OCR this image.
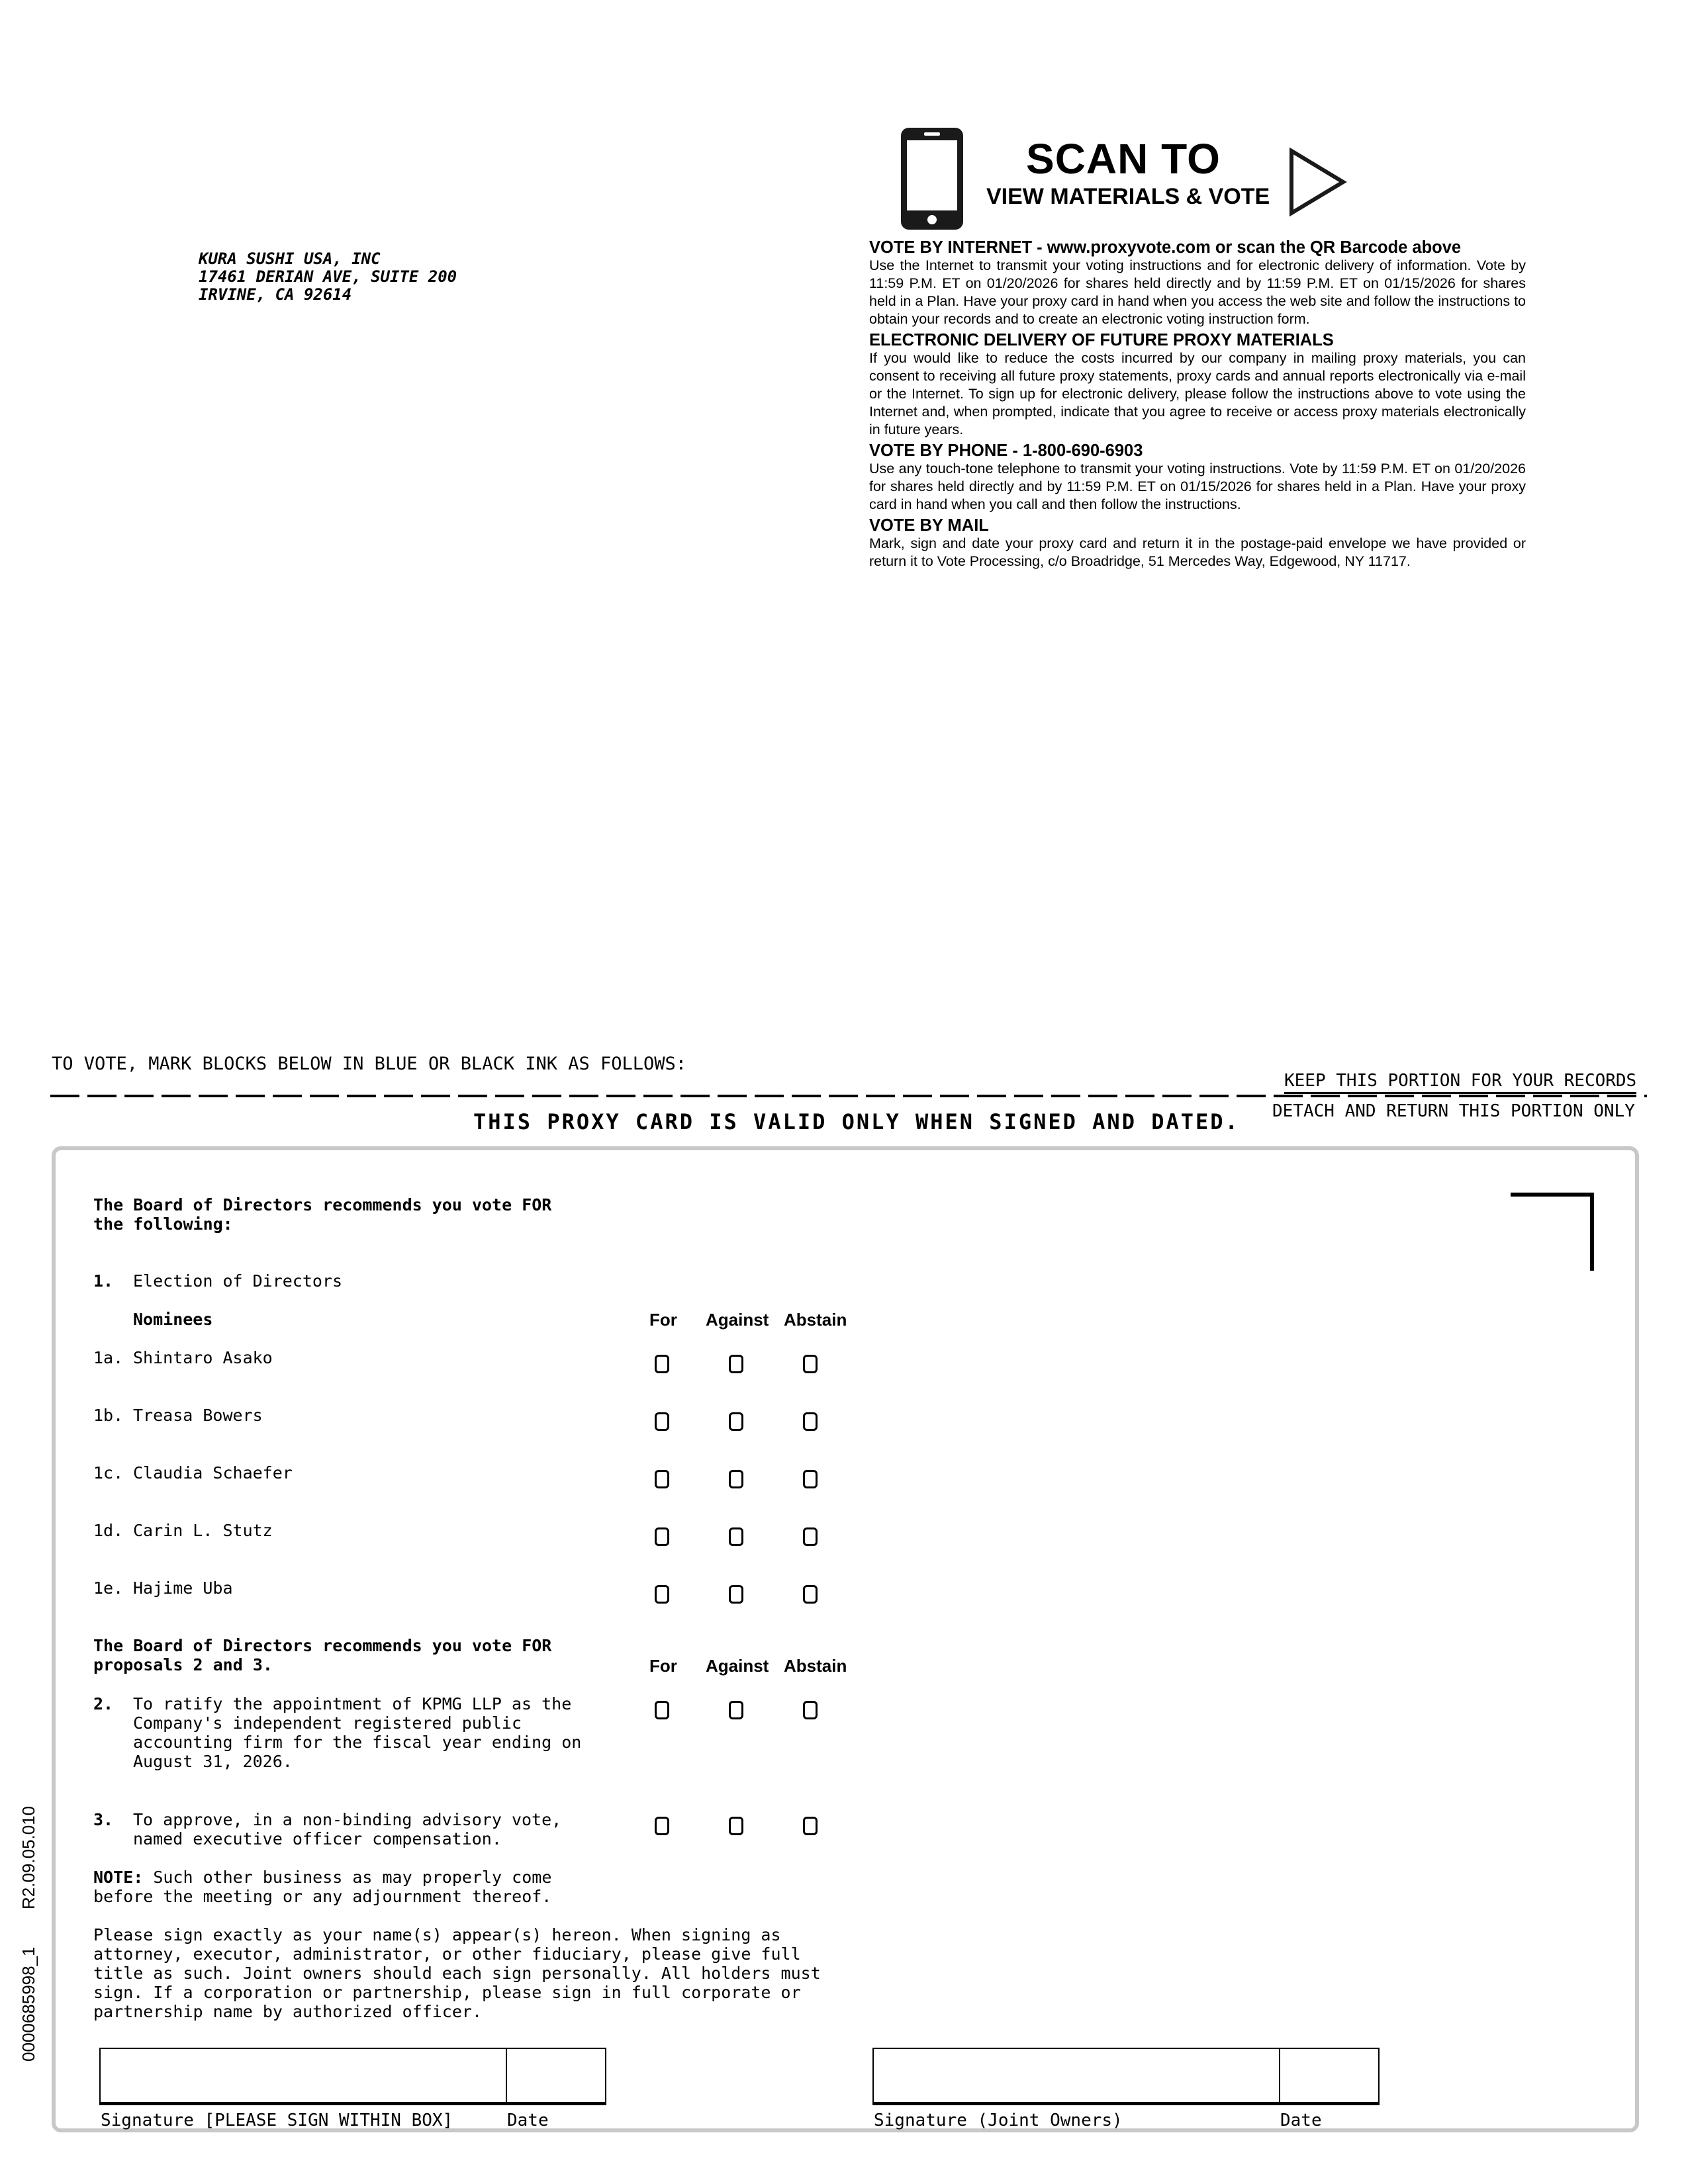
KURA SUSHI USA, INC
17461 DERIAN AVE, SUITE 200
IRVINE, CA 92614
SCAN TO
VIEW MATERIALS & VOTE

VOTE BY INTERNET - www.proxyvote.com or scan the QR Barcode above

Use the Internet to transmit your voting instructions and for electronic delivery of information. Vote by 11:59 P.M. ET on 01/20/2026 for shares held directly and by 11:59 P.M. ET on 01/15/2026 for shares held in a Plan. Have your proxy card in hand when you access the web site and follow the instructions to obtain your records and to create an electronic voting instruction form.

ELECTRONIC DELIVERY OF FUTURE PROXY MATERIALS

If you would like to reduce the costs incurred by our company in mailing proxy materials, you can consent to receiving all future proxy statements, proxy cards and annual reports electronically via e-mail or the Internet. To sign up for electronic delivery, please follow the instructions above to vote using the Internet and, when prompted, indicate that you agree to receive or access proxy materials electronically in future years.

VOTE BY PHONE - 1-800-690-6903

Use any touch-tone telephone to transmit your voting instructions. Vote by 11:59 P.M. ET on 01/20/2026 for shares held directly and by 11:59 P.M. ET on 01/15/2026 for shares held in a Plan. Have your proxy card in hand when you call and then follow the instructions.

VOTE BY MAIL

Mark, sign and date your proxy card and return it in the postage-paid envelope we have provided or return it to Vote Processing, c/o Broadridge, 51 Mercedes Way, Edgewood, NY 11717.

TO VOTE, MARK BLOCKS BELOW IN BLUE OR BLACK INK AS FOLLOWS:
KEEP THIS PORTION FOR YOUR RECORDS
THIS PROXY CARD IS VALID ONLY WHEN SIGNED AND DATED. DETACH AND RETURN THIS PORTION ONLY
The Board of Directors recommends you vote FOR
the following:
1. Election of Directors
Nominees	For Against Abstain
1a. Shintaro Asako
1b. Treasa Bowers
1c. Claudia Schaefer
1d. Carin L. Stutz
1e. Hajime Uba
The Board of Directors recommends you vote FOR
proposals 2 and 3.	For Against Abstain
2. To ratify the appointment of KPMG LLP as the
Company's independent registered public
accounting firm for the fiscal year ending on
August 31, 2026.
3. To approve, in a non-binding advisory vote,
named executive officer compensation.
NOTE: Such other business as may properly come
before the meeting or any adjournment thereof.
Please sign exactly as your name(s) appear(s) hereon. When signing as
attorney, executor, administrator, or other fiduciary, please give full
title as such. Joint owners should each sign personally. All holders must
sign. If a corporation or partnership, please sign in full corporate or
partnership name by authorized officer.
Signature [PLEASE SIGN WITHIN BOX]	Date	Signature (Joint Owners)	Date
0000685998_1
R2.09.05.010
